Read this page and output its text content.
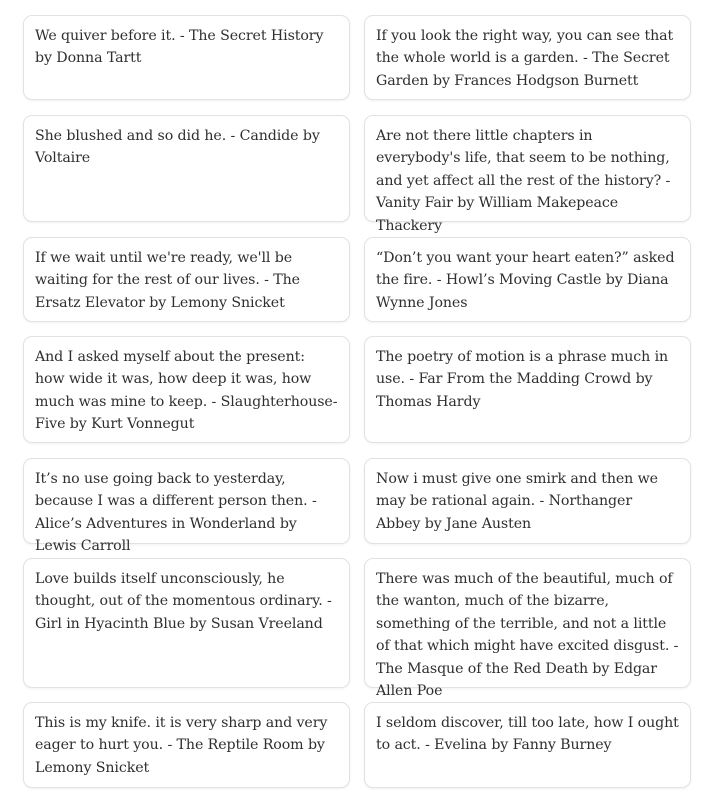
We quiver before it. - The Secret History by Donna Tartt
If you look the right way, you can see that the whole world is a garden. - The Secret Garden by Frances Hodgson Burnett
She blushed and so did he. - Candide by Voltaire
Are not there little chapters in everybody's life, that seem to be nothing, and yet affect all the rest of the history? - Vanity Fair by William Makepeace Thackery
If we wait until we're ready, we'll be waiting for the rest of our lives. - The Ersatz Elevator by Lemony Snicket
“Don’t you want your heart eaten?” asked the fire. - Howl’s Moving Castle by Diana Wynne Jones
And I asked myself about the present: how wide it was, how deep it was, how much was mine to keep. - Slaughterhouse-Five by Kurt Vonnegut
The poetry of motion is a phrase much in use. - Far From the Madding Crowd by Thomas Hardy
It’s no use going back to yesterday, because I was a different person then. - Alice’s Adventures in Wonderland by Lewis Carroll
Now i must give one smirk and then we may be rational again. - Northanger Abbey by Jane Austen
Love builds itself unconsciously, he thought, out of the momentous ordinary. - Girl in Hyacinth Blue by Susan Vreeland
There was much of the beautiful, much of the wanton, much of the bizarre, something of the terrible, and not a little of that which might have excited disgust. - The Masque of the Red Death by Edgar Allen Poe
This is my knife. it is very sharp and very eager to hurt you. - The Reptile Room by Lemony Snicket
I seldom discover, till too late, how I ought to act. - Evelina by Fanny Burney
